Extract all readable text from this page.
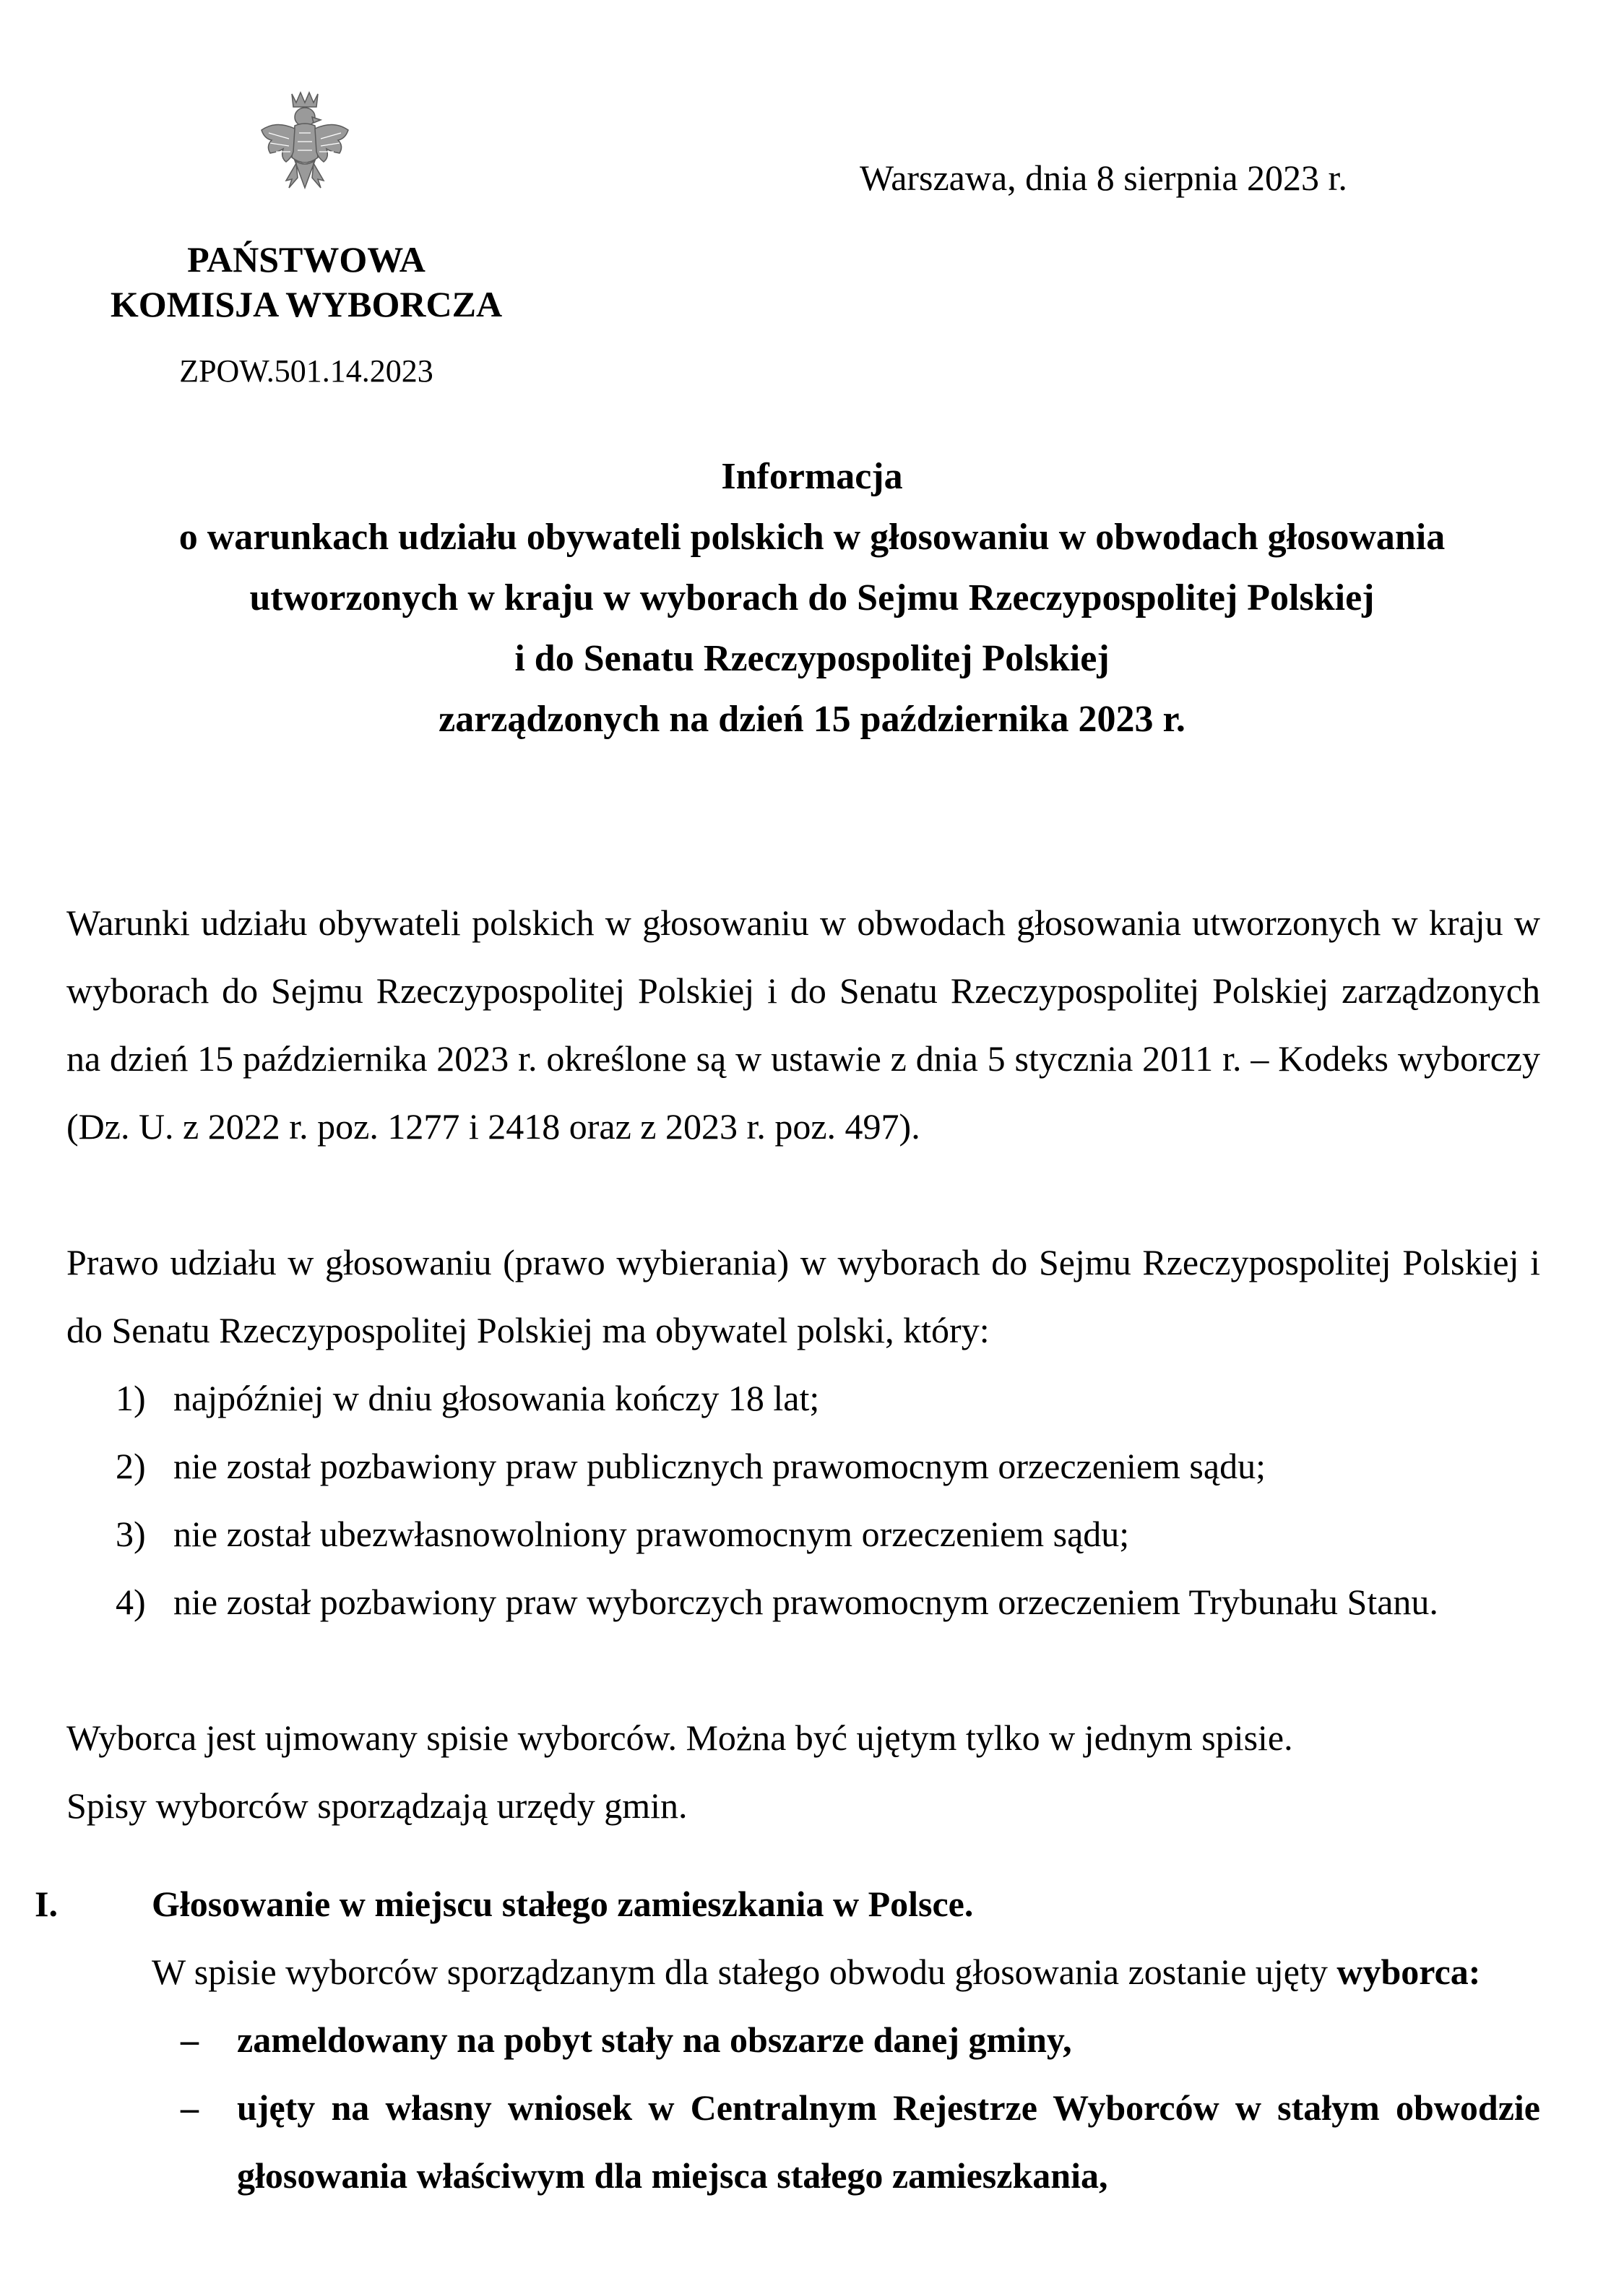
Warszawa, dnia 8 sierpnia 2023 r.
PAŃSTWOWA
KOMISJA WYBORCZA
ZPOW.501.14.2023
Informacja
o warunkach udziału obywateli polskich w głosowaniu w obwodach głosowania
utworzonych w kraju w wyborach do Sejmu Rzeczypospolitej Polskiej
i do Senatu Rzeczypospolitej Polskiej
zarządzonych na dzień 15 października 2023 r.
Warunki udziału obywateli polskich w głosowaniu w obwodach głosowania utworzonych w kraju w wyborach do Sejmu Rzeczypospolitej Polskiej i do Senatu Rzeczypospolitej Polskiej zarządzonych na dzień 15 października 2023 r. określone są w ustawie z dnia 5 stycznia 2011 r. – Kodeks wyborczy (Dz. U. z 2022 r. poz. 1277 i 2418 oraz z 2023 r. poz. 497).
Prawo udziału w głosowaniu (prawo wybierania) w wyborach do Sejmu Rzeczypospolitej Polskiej i do Senatu Rzeczypospolitej Polskiej ma obywatel polski, który:
1) najpóźniej w dniu głosowania kończy 18 lat;
2) nie został pozbawiony praw publicznych prawomocnym orzeczeniem sądu;
3) nie został ubezwłasnowolniony prawomocnym orzeczeniem sądu;
4) nie został pozbawiony praw wyborczych prawomocnym orzeczeniem Trybunału Stanu.
Wyborca jest ujmowany spisie wyborców. Można być ujętym tylko w jednym spisie.
Spisy wyborców sporządzają urzędy gmin.
I.	Głosowanie w miejscu stałego zamieszkania w Polsce.
W spisie wyborców sporządzanym dla stałego obwodu głosowania zostanie ujęty wyborca:
–	zameldowany na pobyt stały na obszarze danej gminy,
–	ujęty na własny wniosek w Centralnym Rejestrze Wyborców w stałym obwodzie głosowania właściwym dla miejsca stałego zamieszkania,
